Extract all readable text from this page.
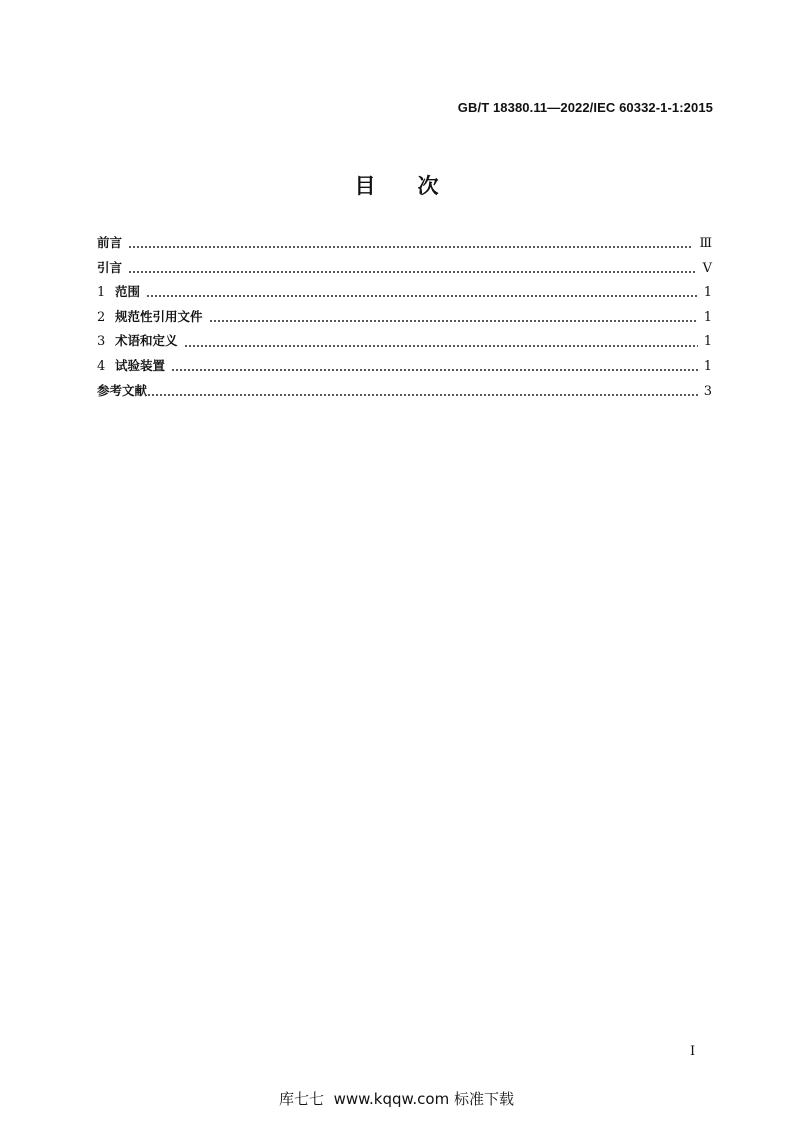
GB/T 18380.11—2022/IEC 60332-1-1:2015
目次
前言	Ⅲ
引言	V
1 范围	1
2 规范性引用文件	1
3 术语和定义	1
4 试验装置	1
参考文献	3
I
库七七  www.kqqw.com 标准下载
